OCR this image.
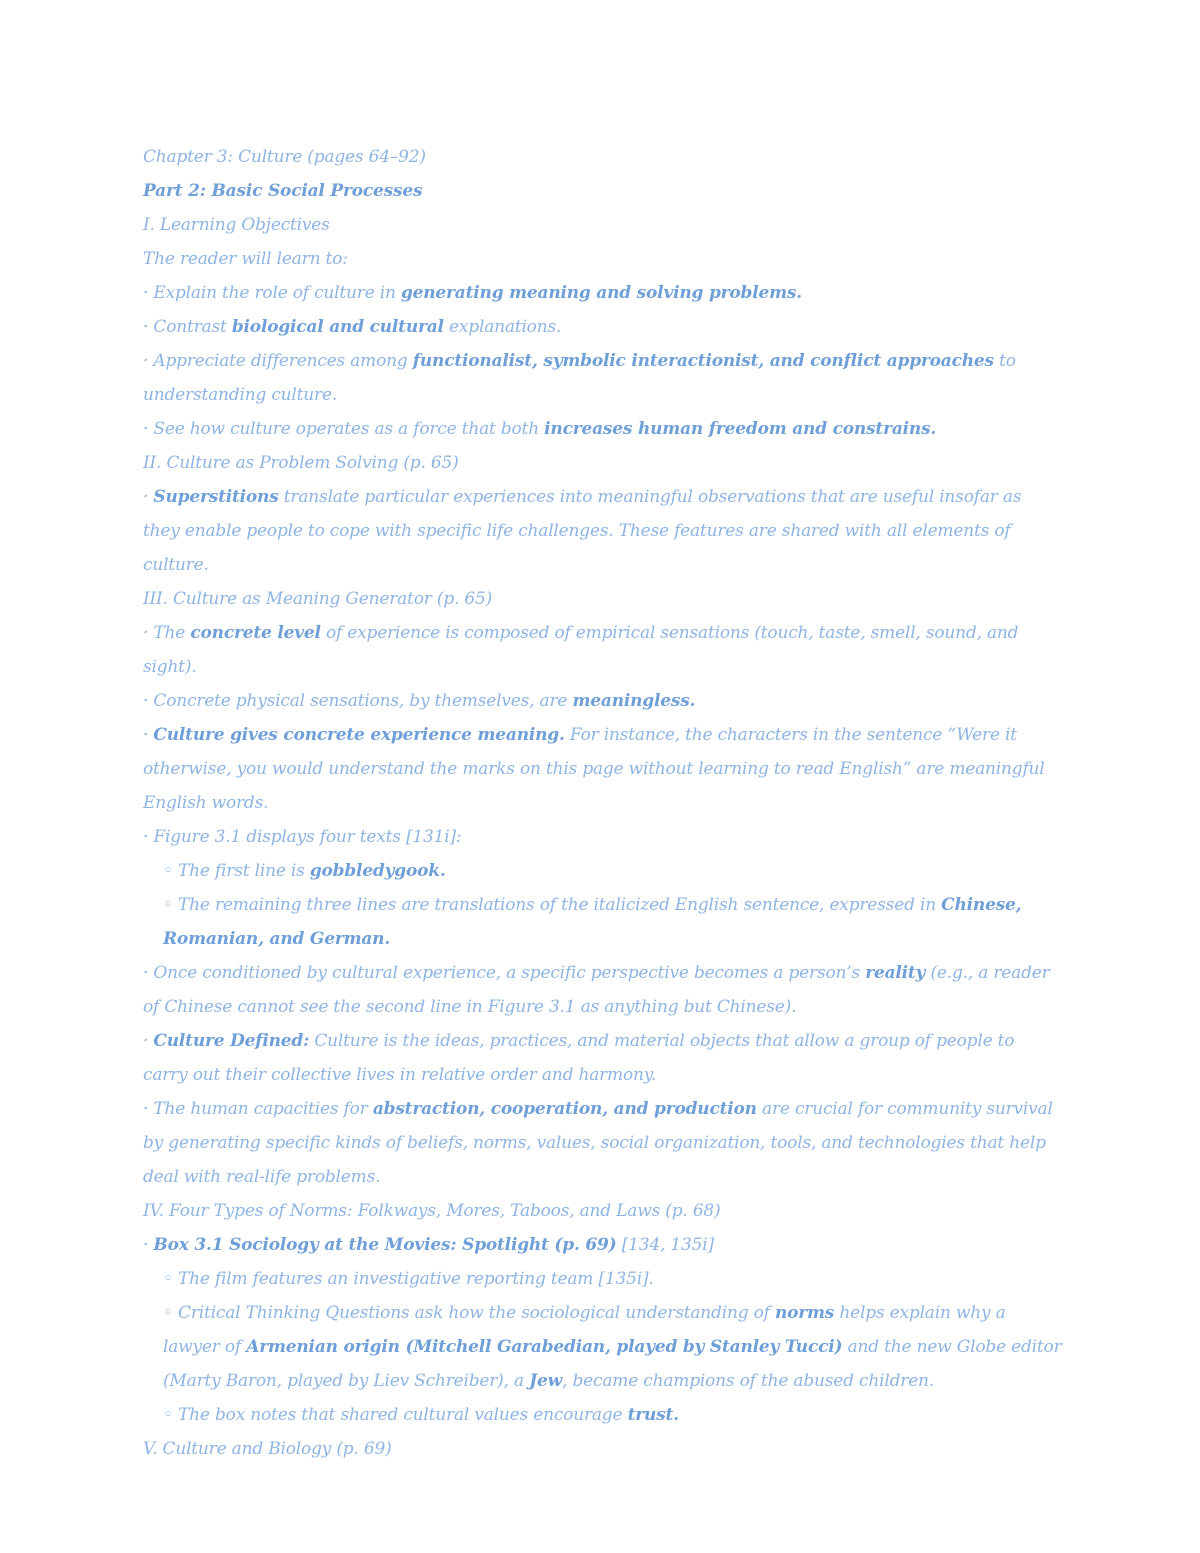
Chapter 3: Culture (pages 64–92)

Part 2: Basic Social Processes

I. Learning Objectives

The reader will learn to:

· Explain the role of culture in generating meaning and solving problems.

· Contrast biological and cultural explanations.

· Appreciate differences among functionalist, symbolic interactionist, and conflict approaches to understanding culture.

· See how culture operates as a force that both increases human freedom and constrains.

II. Culture as Problem Solving (p. 65)

· Superstitions translate particular experiences into meaningful observations that are useful insofar as they enable people to cope with specific life challenges. These features are shared with all elements of culture.

III. Culture as Meaning Generator (p. 65)

· The concrete level of experience is composed of empirical sensations (touch, taste, smell, sound, and sight).

· Concrete physical sensations, by themselves, are meaningless.

· Culture gives concrete experience meaning. For instance, the characters in the sentence “Were it otherwise, you would understand the marks on this page without learning to read English” are meaningful English words.

· Figure 3.1 displays four texts [131i]:

◦ The first line is gobbledygook.

◦ The remaining three lines are translations of the italicized English sentence, expressed in Chinese, Romanian, and German.

· Once conditioned by cultural experience, a specific perspective becomes a person’s reality (e.g., a reader of Chinese cannot see the second line in Figure 3.1 as anything but Chinese).

· Culture Defined: Culture is the ideas, practices, and material objects that allow a group of people to carry out their collective lives in relative order and harmony.

· The human capacities for abstraction, cooperation, and production are crucial for community survival by generating specific kinds of beliefs, norms, values, social organization, tools, and technologies that help deal with real-life problems.

IV. Four Types of Norms: Folkways, Mores, Taboos, and Laws (p. 68)

· Box 3.1 Sociology at the Movies: Spotlight (p. 69) [134, 135i]

◦ The film features an investigative reporting team [135i].

◦ Critical Thinking Questions ask how the sociological understanding of norms helps explain why a lawyer of Armenian origin (Mitchell Garabedian, played by Stanley Tucci) and the new Globe editor (Marty Baron, played by Liev Schreiber), a Jew, became champions of the abused children.

◦ The box notes that shared cultural values encourage trust.

V. Culture and Biology (p. 69)
